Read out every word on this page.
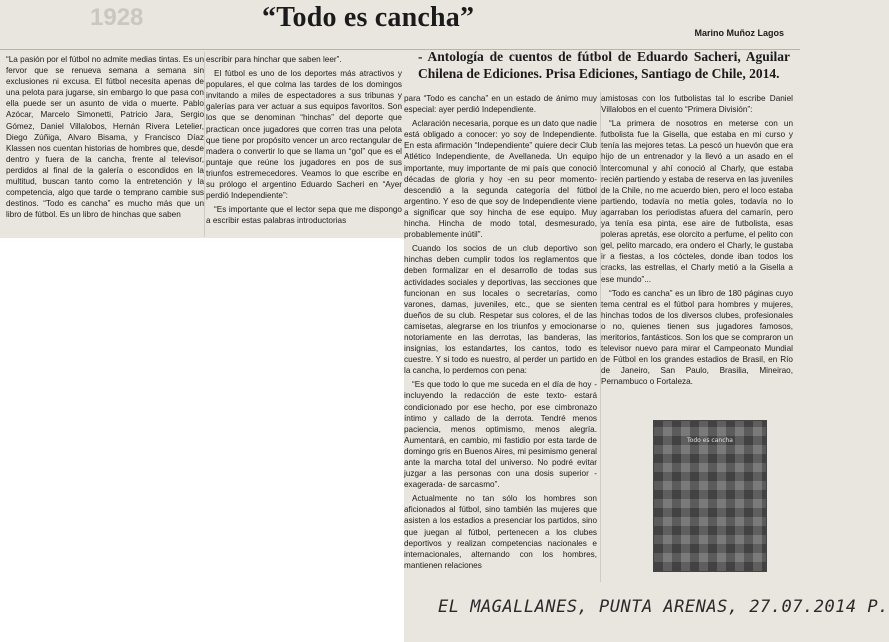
1928	“Todo es cancha”	Marino Muñoz Lagos
- Antología de cuentos de fútbol de Eduardo Sacheri, Aguilar Chilena de Ediciones. Prisa Ediciones, Santiago de Chile, 2014.

“La pasión por el fútbol no admite medias tintas. Es un fervor que se renueva semana a semana sin exclusiones ni excusa. El fútbol necesita apenas de una pelota para jugarse, sin embargo lo que pasa con ella puede ser un asunto de vida o muerte. Pablo Azócar, Marcelo Simonetti, Patricio Jara, Sergio Gómez, Daniel Villalobos, Hernán Rivera Letelier, Diego Zúñiga, Alvaro Bisama, y Francisco Díaz Klassen nos cuentan historias de hombres que, desde dentro y fuera de la cancha, frente al televisor, perdidos al final de la galería o escondidos en la multitud, buscan tanto como la entretención y la competencia, algo que tarde o temprano cambie sus destinos. “Todo es cancha” es mucho más que un libro de fútbol. Es un libro de hinchas que saben

escribir para hinchar que saben leer”.

El fútbol es uno de los deportes más atractivos y populares, el que colma las tardes de los domingos invitando a miles de espectadores a sus tribunas y galerías para ver actuar a sus equipos favoritos. Son los que se denominan “hinchas” del deporte que practican once jugadores que corren tras una pelota que tiene por propósito vencer un arco rectangular de madera o convertir lo que se llama un “gol” que es el puntaje que reúne los jugadores en pos de sus triunfos estremecedores. Veamos lo que escribe en su prólogo el argentino Eduardo Sacheri en “Ayer perdió Independiente”:

“Es importante que el lector sepa que me dispongo a escribir estas palabras introductorias

para “Todo es cancha” en un estado de ánimo muy especial: ayer perdió Independiente.

Aclaración necesaria, porque es un dato que nadie está obligado a conocer: yo soy de Independiente. En esta afirmación “Independiente” quiere decir Club Atlético Independiente, de Avellaneda. Un equipo importante, muy importante de mi país que conoció décadas de gloria y hoy -en su peor momento- descendió a la segunda categoría del fútbol argentino. Y eso de que soy de Independiente viene a significar que soy hincha de ese equipo. Muy hincha. Hincha de modo total, desmesurado, probablemente inútil”.

Cuando los socios de un club deportivo son hinchas deben cumplir todos los reglamentos que deben formalizar en el desarrollo de todas sus actividades sociales y deportivas, las secciones que funcionan en sus locales o secretarías, como varones, damas, juveniles, etc., que se sienten dueños de su club. Respetar sus colores, el de las camisetas, alegrarse en los triunfos y emocionarse notoriamente en las derrotas, las banderas, las insignias, los estandartes, los cantos, todo es cuestre. Y si todo es nuestro, al perder un partido en la cancha, lo perdemos con pena:

“Es que todo lo que me suceda en el día de hoy -incluyendo la redacción de este texto- estará condicionado por ese hecho, por ese cimbronazo íntimo y callado de la derrota. Tendré menos paciencia, menos optimismo, menos alegría. Aumentará, en cambio, mi fastidio por esta tarde de domingo gris en Buenos Aires, mi pesimismo general ante la marcha total del universo. No podré evitar juzgar a las personas con una dosis superior -exagerada- de sarcasmo”.

Actualmente no tan sólo los hombres son aficionados al fútbol, sino también las mujeres que asisten a los estadios a presenciar los partidos, sino que juegan al fútbol, pertenecen a los clubes deportivos y realizan competencias nacionales e internacionales, alternando con los hombres, mantienen relaciones

amistosas con los futbolistas tal lo escribe Daniel Villalobos en el cuento “Primera División”:

“La primera de nosotros en meterse con un futbolista fue la Gisella, que estaba en mi curso y tenía las mejores tetas. La pescó un huevón que era hijo de un entrenador y la llevó a un asado en el Intercomunal y ahí conoció al Charly, que estaba recién partiendo y estaba de reserva en las juveniles de la Chile, no me acuerdo bien, pero el loco estaba partiendo, todavía no metía goles, todavía no lo agarraban los periodistas afuera del camarín, pero ya tenía esa pinta, ese aire de futbolista, esas poleras apretás, ese olorcito a perfume, el pelito con gel, pelito marcado, era ondero el Charly, le gustaba ir a fiestas, a los cócteles, donde iban todos los cracks, las estrellas, el Charly metió a la Gisella a ese mundo”...

“Todo es cancha” es un libro de 180 páginas cuyo tema central es el fútbol para hombres y mujeres, hinchas todos de los diversos clubes, profesionales o no, quienes tienen sus jugadores famosos, meritorios, fantásticos. Son los que se compraron un televisor nuevo para mirar el Campeonato Mundial de Fútbol en los grandes estadios de Brasil, en Río de Janeiro, San Paulo, Brasilia, Mineirao, Pernambuco o Fortaleza.

Todo es cancha
EL MAGALLANES, PUNTA ARENAS, 27.07.2014 P.
